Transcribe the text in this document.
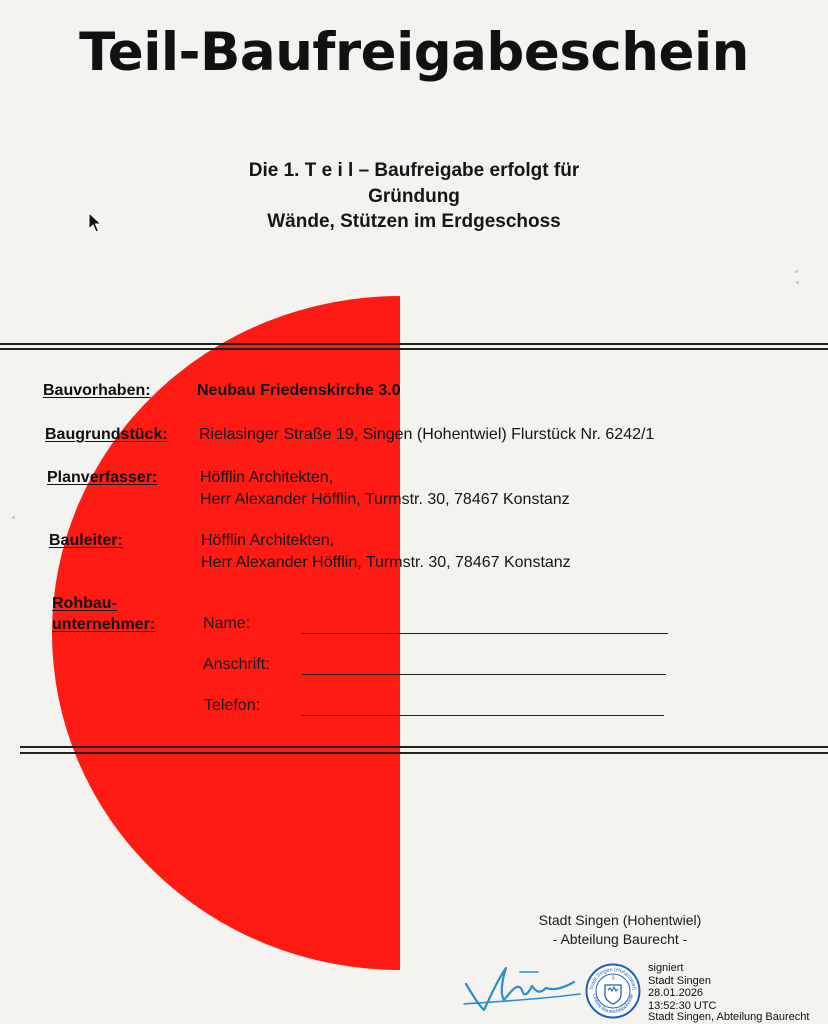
Teil-Baufreigabeschein
Die 1. T e i l – Baufreigabe erfolgt für
Gründung
Wände, Stützen im Erdgeschoss
Bauvorhaben:	Neubau Friedenskirche 3.0
Baugrundstück: Rielasinger Straße 19, Singen (Hohentwiel) Flurstück Nr. 6242/1
Planverfasser:	Höfflin Architekten,
Herr Alexander Höfflin, Turmstr. 30, 78467 Konstanz
Bauleiter:	Höfflin Architekten,
Herr Alexander Höfflin, Turmstr. 30, 78467 Konstanz
Rohbau-
unternehmer:	Name:
Anschrift:
Telefon:
Stadt Singen (Hohentwiel)
- Abteilung Baurecht -
Stadt Singen (Hohentwiel)
Untere Baurechtsbehörde
3
signiert
Stadt Singen
28.01.2026
13:52:30 UTC
Stadt Singen, Abteilung Baurecht
